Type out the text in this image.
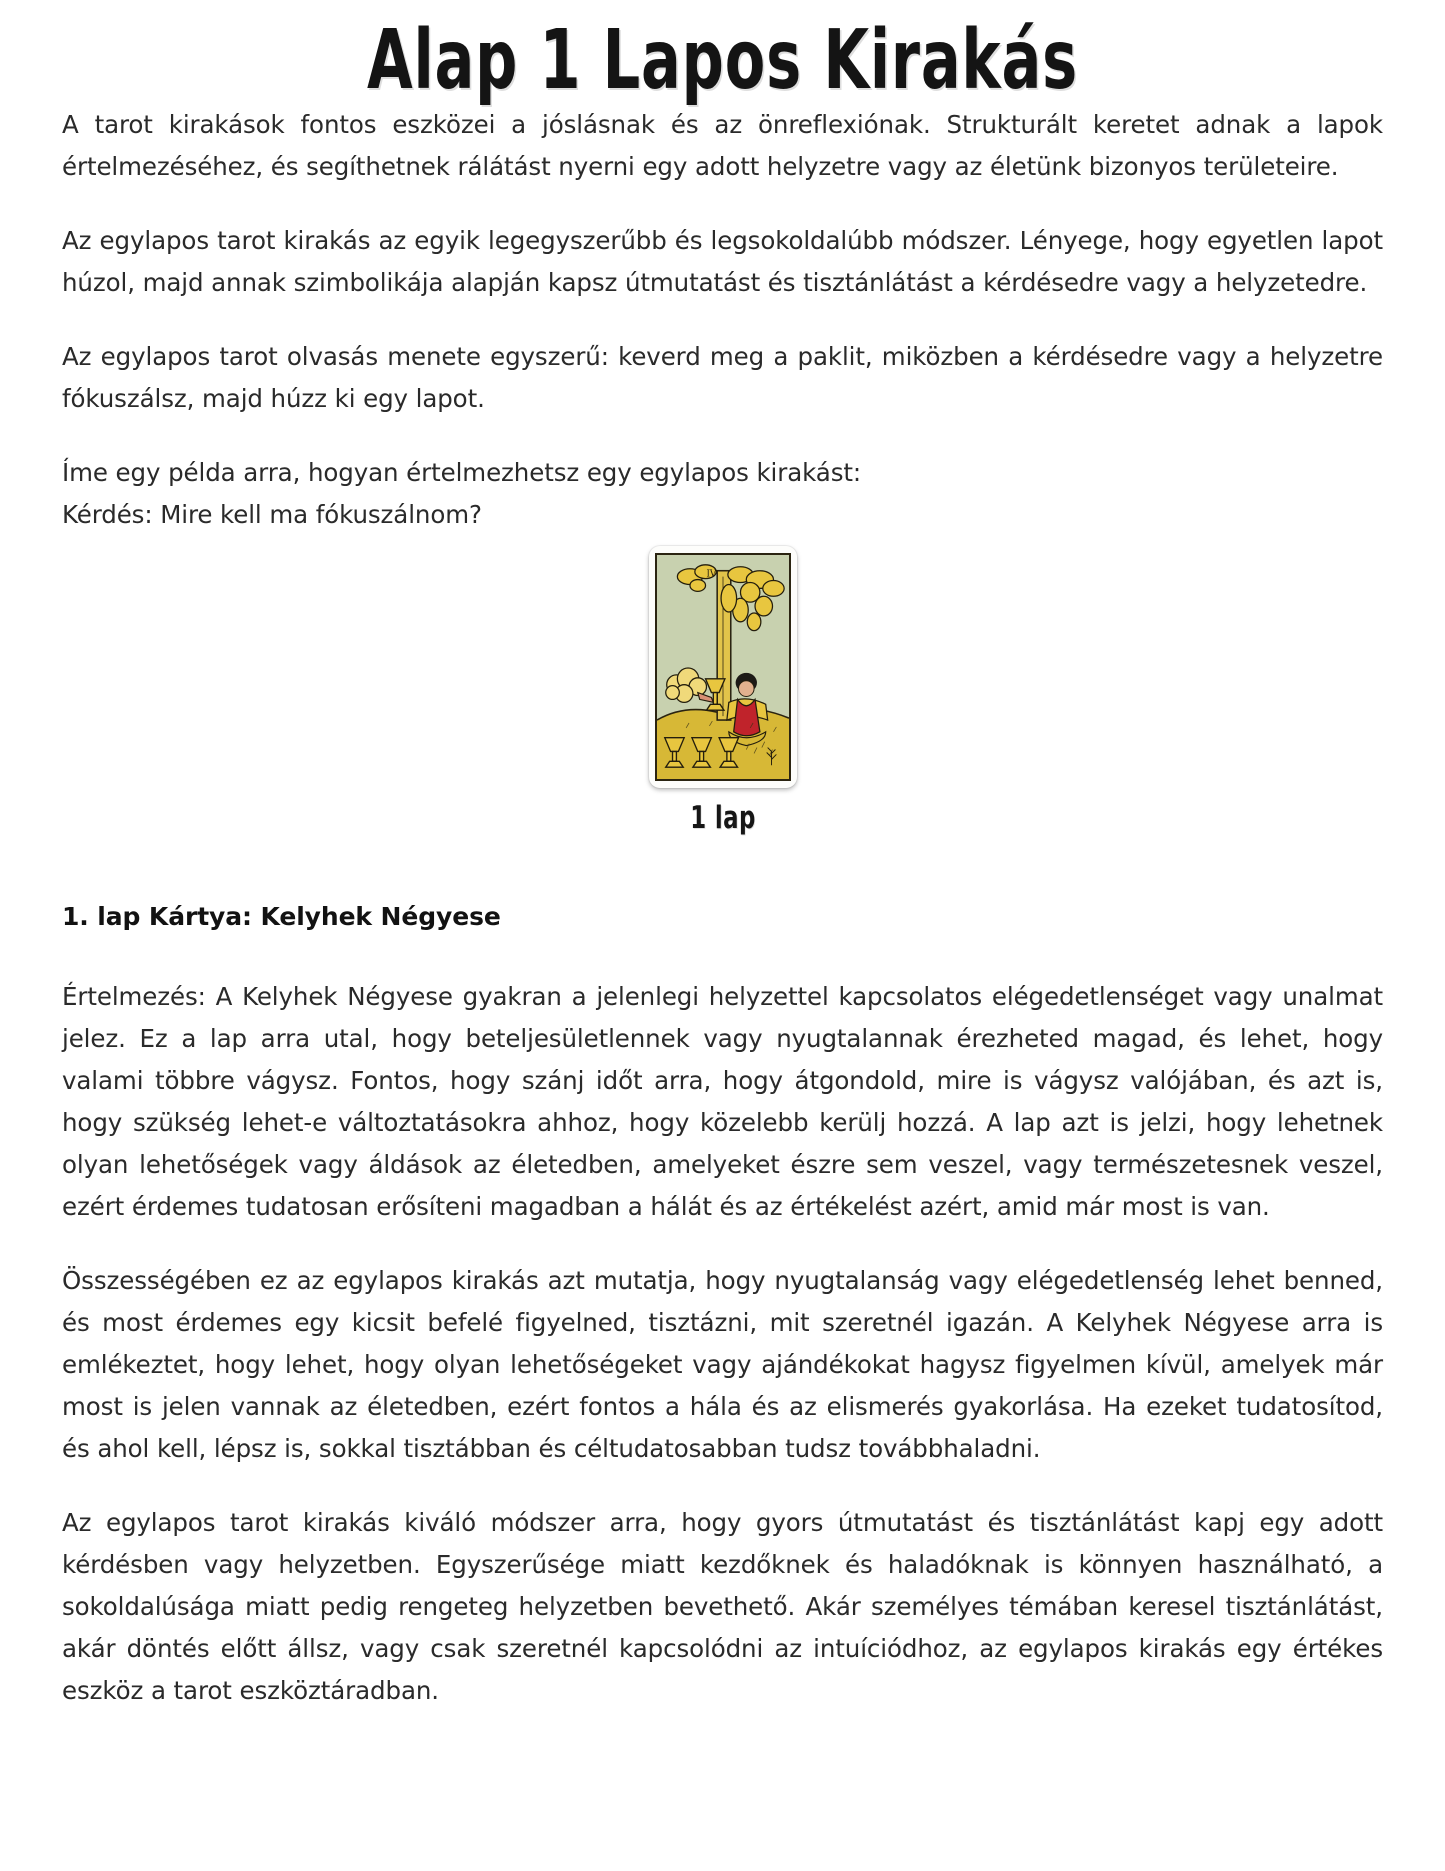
Alap 1 Lapos Kirakás

A tarot kirakások fontos eszközei a jóslásnak és az önreflexiónak. Strukturált keretet adnak a lapok értelmezéséhez, és segíthetnek rálátást nyerni egy adott helyzetre vagy az életünk bizonyos területeire.

Az egylapos tarot kirakás az egyik legegyszerűbb és legsokoldalúbb módszer. Lényege, hogy egyetlen lapot húzol, majd annak szimbolikája alapján kapsz útmutatást és tisztánlátást a kérdésedre vagy a helyzetedre.

Az egylapos tarot olvasás menete egyszerű: keverd meg a paklit, miközben a kérdésedre vagy a helyzetre fókuszálsz, majd húzz ki egy lapot.

Íme egy példa arra, hogyan értelmezhetsz egy egylapos kirakást:
Kérdés: Mire kell ma fókuszálnom?
IV
1 lap

1. lap Kártya: Kelyhek Négyese

Értelmezés: A Kelyhek Négyese gyakran a jelenlegi helyzettel kapcsolatos elégedetlenséget vagy unalmat jelez. Ez a lap arra utal, hogy beteljesületlennek vagy nyugtalannak érezheted magad, és lehet, hogy valami többre vágysz. Fontos, hogy szánj időt arra, hogy átgondold, mire is vágysz valójában, és azt is, hogy szükség lehet-e változtatásokra ahhoz, hogy közelebb kerülj hozzá. A lap azt is jelzi, hogy lehetnek olyan lehetőségek vagy áldások az életedben, amelyeket észre sem veszel, vagy természetesnek veszel, ezért érdemes tudatosan erősíteni magadban a hálát és az értékelést azért, amid már most is van.

Összességében ez az egylapos kirakás azt mutatja, hogy nyugtalanság vagy elégedetlenség lehet benned, és most érdemes egy kicsit befelé figyelned, tisztázni, mit szeretnél igazán. A Kelyhek Négyese arra is emlékeztet, hogy lehet, hogy olyan lehetőségeket vagy ajándékokat hagysz figyelmen kívül, amelyek már most is jelen vannak az életedben, ezért fontos a hála és az elismerés gyakorlása. Ha ezeket tudatosítod, és ahol kell, lépsz is, sokkal tisztábban és céltudatosabban tudsz továbbhaladni.

Az egylapos tarot kirakás kiváló módszer arra, hogy gyors útmutatást és tisztánlátást kapj egy adott kérdésben vagy helyzetben. Egyszerűsége miatt kezdőknek és haladóknak is könnyen használható, a sokoldalúsága miatt pedig rengeteg helyzetben bevethető. Akár személyes témában keresel tisztánlátást, akár döntés előtt állsz, vagy csak szeretnél kapcsolódni az intuíciódhoz, az egylapos kirakás egy értékes eszköz a tarot eszköztáradban.
